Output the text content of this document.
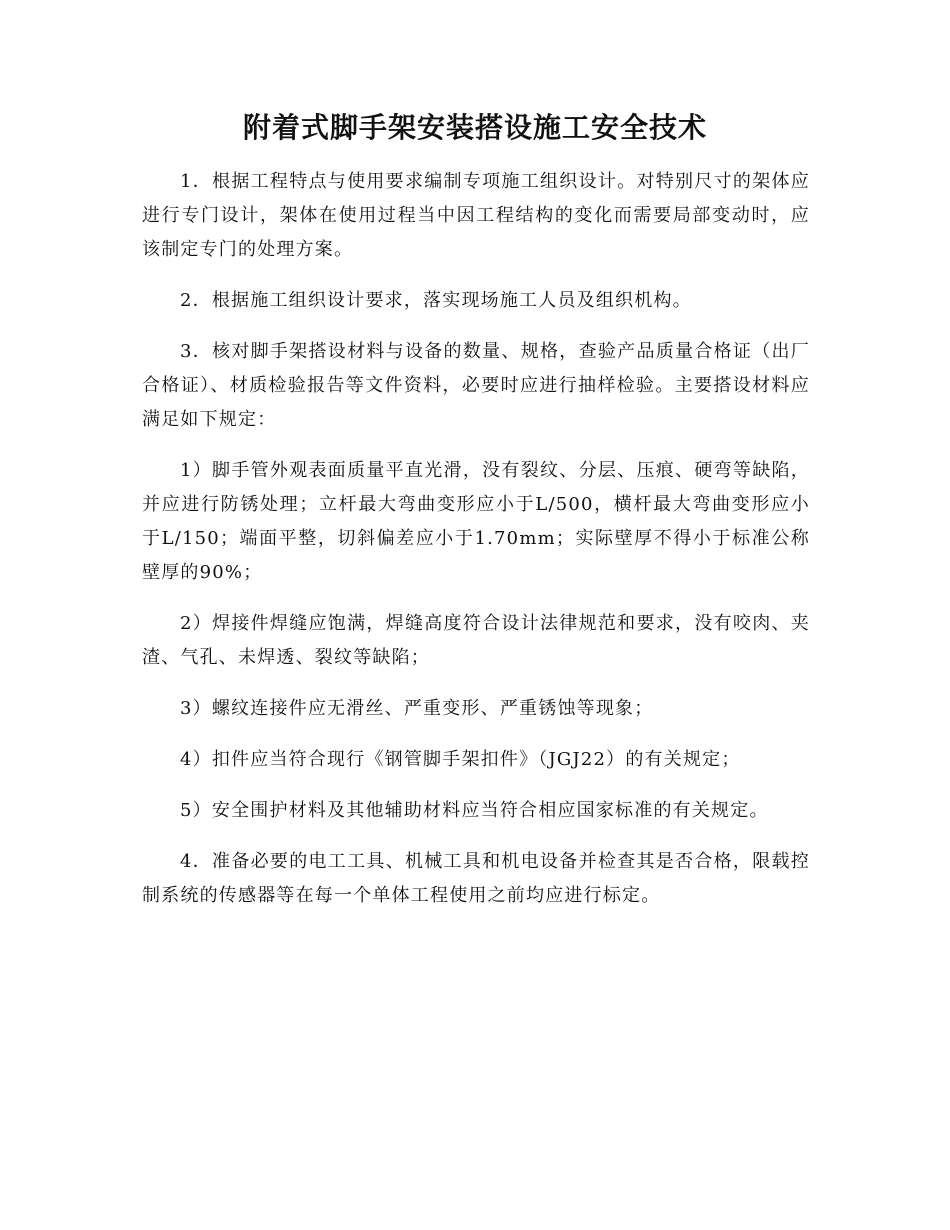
附着式脚手架安装搭设施工安全技术

1．根据工程特点与使用要求编制专项施工组织设计。对特别尺寸的架体应进行专门设计，架体在使用过程当中因工程结构的变化而需要局部变动时，应该制定专门的处理方案。

2．根据施工组织设计要求，落实现场施工人员及组织机构。

3．核对脚手架搭设材料与设备的数量、规格，查验产品质量合格证（出厂合格证）、材质检验报告等文件资料，必要时应进行抽样检验。主要搭设材料应满足如下规定：

1）脚手管外观表面质量平直光滑，没有裂纹、分层、压痕、硬弯等缺陷，并应进行防锈处理；立杆最大弯曲变形应小于L/500，横杆最大弯曲变形应小于L/150；端面平整，切斜偏差应小于1.70mm；实际壁厚不得小于标准公称壁厚的90%；

2）焊接件焊缝应饱满，焊缝高度符合设计法律规范和要求，没有咬肉、夹渣、气孔、未焊透、裂纹等缺陷；

3）螺纹连接件应无滑丝、严重变形、严重锈蚀等现象；

4）扣件应当符合现行《钢管脚手架扣件》（JGJ22）的有关规定；

5）安全围护材料及其他辅助材料应当符合相应国家标准的有关规定。

4．准备必要的电工工具、机械工具和机电设备并检查其是否合格，限载控制系统的传感器等在每一个单体工程使用之前均应进行标定。
